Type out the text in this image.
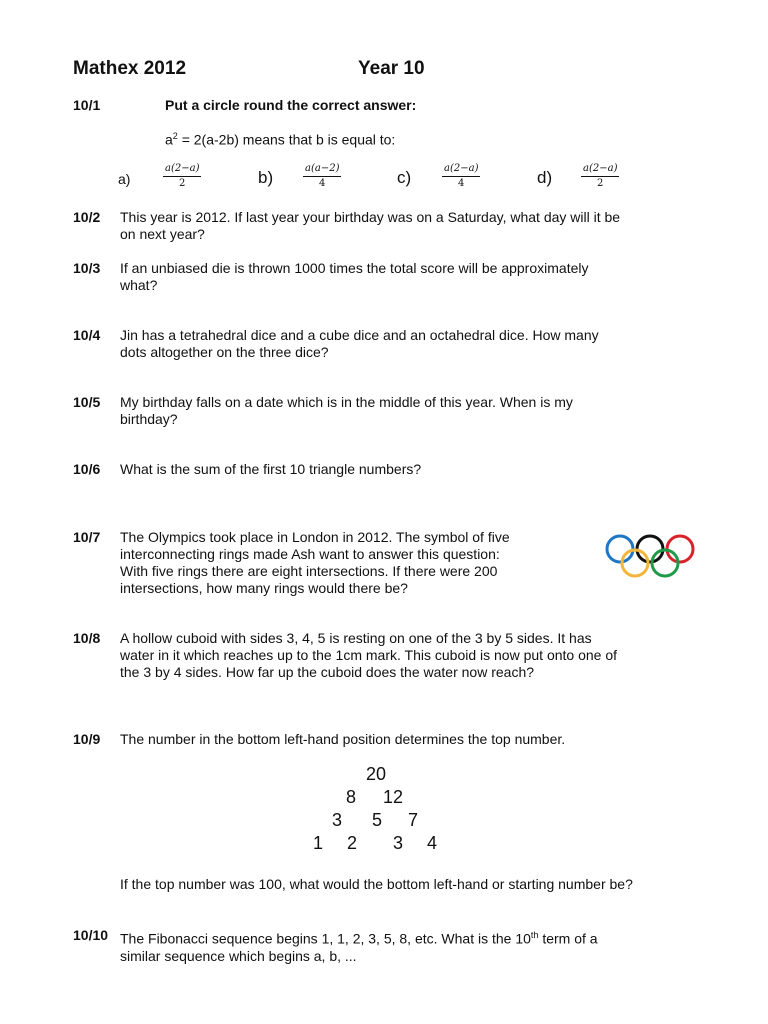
Mathex 2012	Year 10
10/1	Put a circle round the correct answer:
$a^2 = 2(a-2b)$ means that b is equal to:
a)	$\frac{a(2-a)}{2}$	b)	$\frac{a(a-2)}{4}$	c)	$\frac{a(2-a)}{4}$	d)	$\frac{a(2-a)}{2}$
10/2 This year is 2012. If last year your birthday was on a Saturday, what day will it be
on next year?
10/3 If an unbiased die is thrown 1000 times the total score will be approximately
what?
10/4 Jin has a tetrahedral dice and a cube dice and an octahedral dice. How many
dots altogether on the three dice?
10/5 My birthday falls on a date which is in the middle of this year. When is my
birthday?
10/6 What is the sum of the first 10 triangle numbers?
10/7 The Olympics took place in London in 2012. The symbol of five
interconnecting rings made Ash want to answer this question:
With five rings there are eight intersections. If there were 200
intersections, how many rings would there be?
10/8 A hollow cuboid with sides 3, 4, 5 is resting on one of the 3 by 5 sides. It has
water in it which reaches up to the 1cm mark. This cuboid is now put onto one of
the 3 by 4 sides. How far up the cuboid does the water now reach?
10/9 The number in the bottom left-hand position determines the top number.
20
8 12
3 5 7
1 2 3 4
If the top number was 100, what would the bottom left-hand or starting number be?
10/10 The Fibonacci sequence begins 1, 1, 2, 3, 5, 8, etc. What is the 10th term of a
similar sequence which begins a, b, ...
